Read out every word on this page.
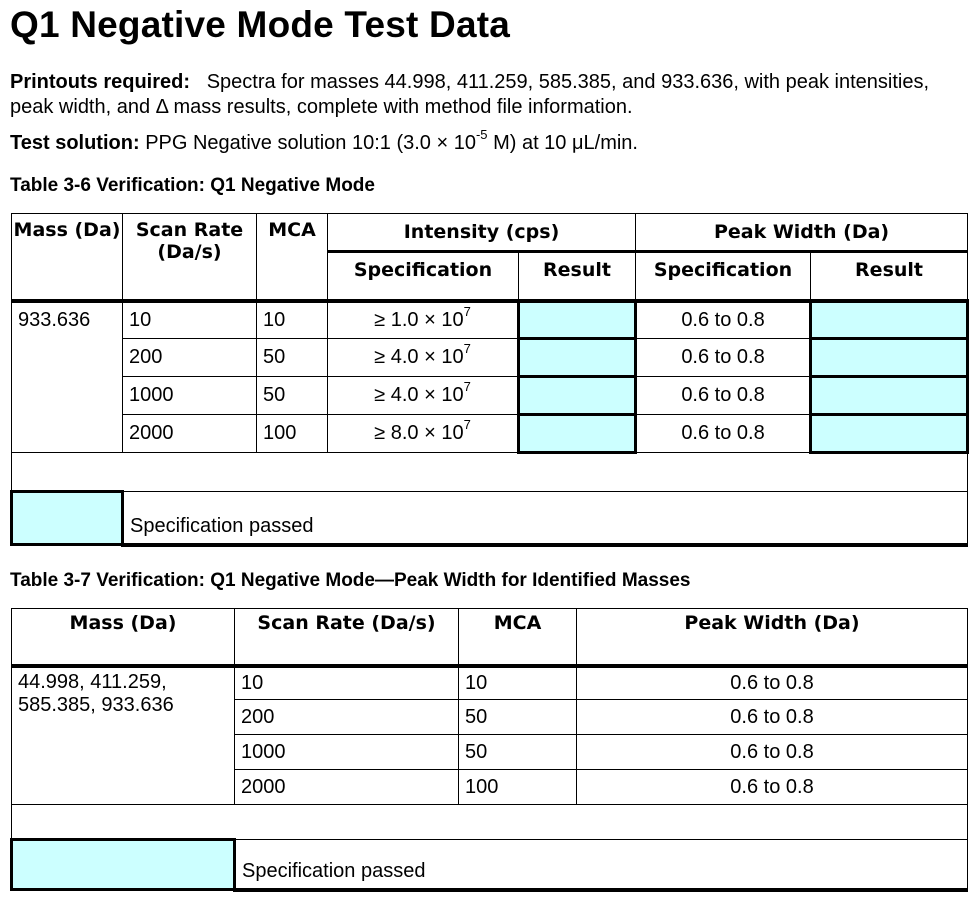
Q1 Negative Mode Test Data
Printouts required: Spectra for masses 44.998, 411.259, 585.385, and 933.636, with peak intensities, peak width, and Δ mass results, complete with method file information.
Test solution: PPG Negative solution 10:1 ($3.0 \times 10^{-5}$ M) at 10 μL/min.
Table 3-6 Verification: Q1 Negative Mode
Mass (Da)	Scan Rate (Da/s)	MCA	Intensity (cps)		Peak Width (Da)	
			Specification	Result	Specification	Result
933.636	10	10	≥ $1.0 \times 10^7$		0.6 to 0.8	
	200	50	≥ $4.0 \times 10^7$		0.6 to 0.8	
	1000	50	≥ $4.0 \times 10^7$		0.6 to 0.8	
	2000	100	≥ $8.0 \times 10^7$		0.6 to 0.8	

	Specification passed					
Table 3-7 Verification: Q1 Negative Mode—Peak Width for Identified Masses
Mass (Da)	Scan Rate (Da/s)	MCA	Peak Width (Da)
44.998, 411.259, 585.385, 933.636	10	10	0.6 to 0.8
	200	50	0.6 to 0.8
	1000	50	0.6 to 0.8
	2000	100	0.6 to 0.8

	Specification passed		
